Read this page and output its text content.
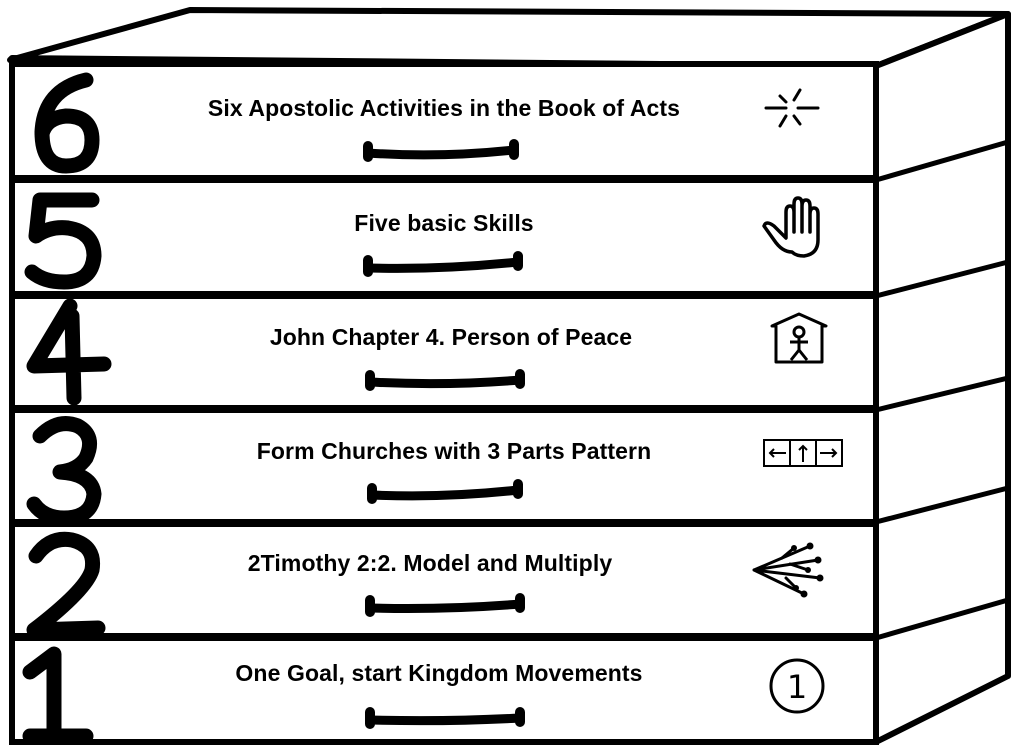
1
Six Apostolic Activities in the Book of Acts
Five basic Skills
John Chapter 4. Person of Peace
Form Churches with 3 Parts Pattern
2Timothy 2:2. Model and Multiply
One Goal, start Kingdom Movements
